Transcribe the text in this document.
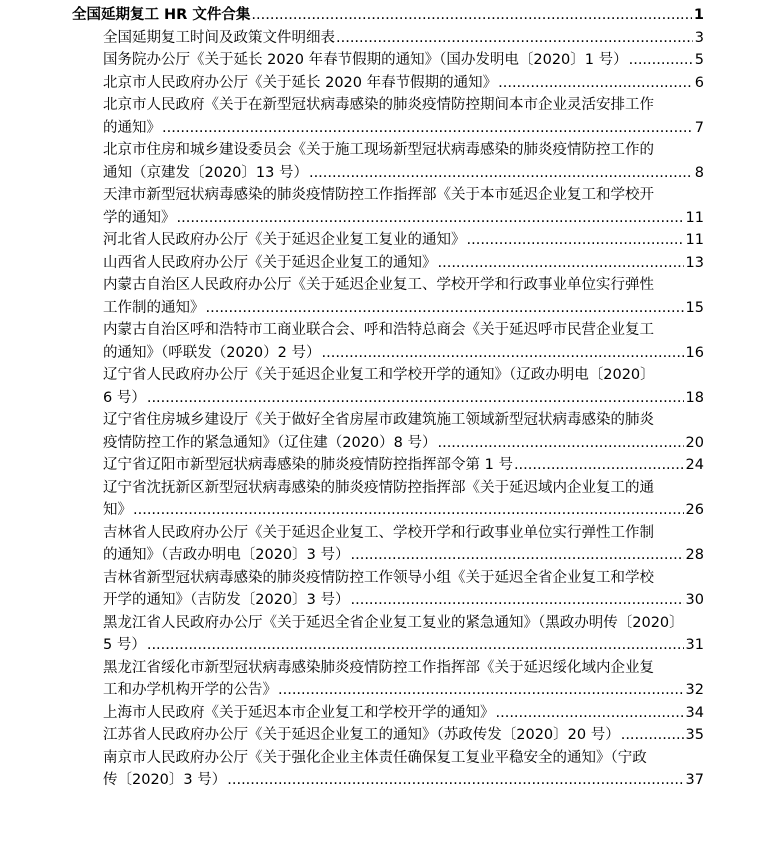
全国延期复工 HR 文件合集 .....	1
全国延期复工时间及政策文件明细表 .....	3
国务院办公厅《关于延长 2020 年春节假期的通知》（国办发明电〔2020〕1 号） .....	5
北京市人民政府办公厅《关于延长 2020 年春节假期的通知》 .....	6
北京市人民政府《关于在新型冠状病毒感染的肺炎疫情防控期间本市企业灵活安排工作
的通知》 .....	7
北京市住房和城乡建设委员会《关于施工现场新型冠状病毒感染的肺炎疫情防控工作的
通知（京建发〔2020〕13 号） .....	8
天津市新型冠状病毒感染的肺炎疫情防控工作指挥部《关于本市延迟企业复工和学校开
学的通知》 .....	11
河北省人民政府办公厅《关于延迟企业复工复业的通知》 .....	11
山西省人民政府办公厅《关于延迟企业复工的通知》 .....	13
内蒙古自治区人民政府办公厅《关于延迟企业复工、学校开学和行政事业单位实行弹性
工作制的通知》 .....	15
内蒙古自治区呼和浩特市工商业联合会、呼和浩特总商会《关于延迟呼市民营企业复工
的通知》（呼联发（2020）2 号） .....	16
辽宁省人民政府办公厅《关于延迟企业复工和学校开学的通知》（辽政办明电〔2020〕
6 号） .....	18
辽宁省住房城乡建设厅《关于做好全省房屋市政建筑施工领域新型冠状病毒感染的肺炎
疫情防控工作的紧急通知》（辽住建（2020）8 号） .....	20
辽宁省辽阳市新型冠状病毒感染的肺炎疫情防控指挥部令第 1 号 .....	24
辽宁省沈抚新区新型冠状病毒感染的肺炎疫情防控指挥部《关于延迟域内企业复工的通
知》 .....	26
吉林省人民政府办公厅《关于延迟企业复工、学校开学和行政事业单位实行弹性工作制
的通知》（吉政办明电〔2020〕3 号） .....	28
吉林省新型冠状病毒感染的肺炎疫情防控工作领导小组《关于延迟全省企业复工和学校
开学的通知》（吉防发〔2020〕3 号） .....	30
黑龙江省人民政府办公厅《关于延迟全省企业复工复业的紧急通知》（黑政办明传〔2020〕
5 号） .....	31
黑龙江省绥化市新型冠状病毒感染肺炎疫情防控工作指挥部《关于延迟绥化域内企业复
工和办学机构开学的公告》 .....	32
上海市人民政府《关于延迟本市企业复工和学校开学的通知》 .....	34
江苏省人民政府办公厅《关于延迟企业复工的通知》（苏政传发〔2020〕20 号） .....	35
南京市人民政府办公厅《关于强化企业主体责任确保复工复业平稳安全的通知》（宁政
传〔2020〕3 号） .....	37
